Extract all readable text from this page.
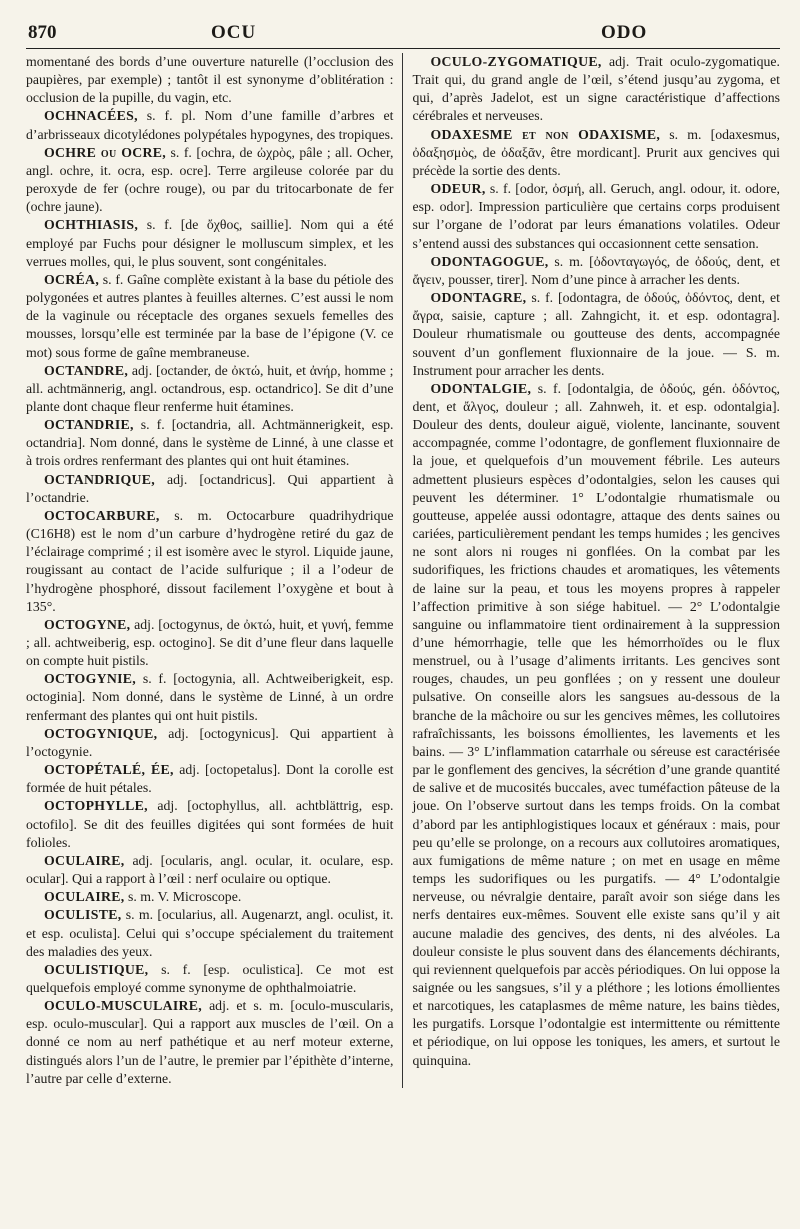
870	OCU	ODO

momentané des bords d’une ouverture naturelle (l’occlusion des paupières, par exemple) ; tantôt il est synonyme d’oblitération : occlusion de la pupille, du vagin, etc.

OCHNACÉES, s. f. pl. Nom d’une famille d’arbres et d’arbrisseaux dicotylédones polypétales hypogynes, des tropiques.

OCHRE ou OCRE, s. f. [ochra, de ὠχρὸς, pâle ; all. Ocher, angl. ochre, it. ocra, esp. ocre]. Terre argileuse colorée par du peroxyde de fer (ochre rouge), ou par du tritocarbonate de fer (ochre jaune).

OCHTHIASIS, s. f. [de ὄχθος, saillie]. Nom qui a été employé par Fuchs pour désigner le molluscum simplex, et les verrues molles, qui, le plus souvent, sont congénitales.

OCRÉA, s. f. Gaîne complète existant à la base du pétiole des polygonées et autres plantes à feuilles alternes. C’est aussi le nom de la vaginule ou réceptacle des organes sexuels femelles des mousses, lorsqu’elle est terminée par la base de l’épigone (V. ce mot) sous forme de gaîne membraneuse.

OCTANDRE, adj. [octander, de ὀκτώ, huit, et ἀνήρ, homme ; all. achtmännerig, angl. octandrous, esp. octandrico]. Se dit d’une plante dont chaque fleur renferme huit étamines.

OCTANDRIE, s. f. [octandria, all. Achtmännerigkeit, esp. octandria]. Nom donné, dans le système de Linné, à une classe et à trois ordres renfermant des plantes qui ont huit étamines.

OCTANDRIQUE, adj. [octandricus]. Qui appartient à l’octandrie.

OCTOCARBURE, s. m. Octocarbure quadrihydrique (C16H8) est le nom d’un carbure d’hydrogène retiré du gaz de l’éclairage comprimé ; il est isomère avec le styrol. Liquide jaune, rougissant au contact de l’acide sulfurique ; il a l’odeur de l’hydrogène phosphoré, dissout facilement l’oxygène et bout à 135°.

OCTOGYNE, adj. [octogynus, de ὀκτώ, huit, et γυνή, femme ; all. achtweiberig, esp. octogino]. Se dit d’une fleur dans laquelle on compte huit pistils.

OCTOGYNIE, s. f. [octogynia, all. Achtweiberigkeit, esp. octoginia]. Nom donné, dans le système de Linné, à un ordre renfermant des plantes qui ont huit pistils.

OCTOGYNIQUE, adj. [octogynicus]. Qui appartient à l’octogynie.

OCTOPÉTALÉ, ÉE, adj. [octopetalus]. Dont la corolle est formée de huit pétales.

OCTOPHYLLE, adj. [octophyllus, all. achtblättrig, esp. octofilo]. Se dit des feuilles digitées qui sont formées de huit folioles.

OCULAIRE, adj. [ocularis, angl. ocular, it. oculare, esp. ocular]. Qui a rapport à l’œil : nerf oculaire ou optique.

OCULAIRE, s. m. V. Microscope.

OCULISTE, s. m. [ocularius, all. Augenarzt, angl. oculist, it. et esp. oculista]. Celui qui s’occupe spécialement du traitement des maladies des yeux.

OCULISTIQUE, s. f. [esp. oculistica]. Ce mot est quelquefois employé comme synonyme de ophthalmoiatrie.

OCULO-MUSCULAIRE, adj. et s. m. [oculo-muscularis, esp. oculo-muscular]. Qui a rapport aux muscles de l’œil. On a donné ce nom au nerf pathétique et au nerf moteur externe, distingués alors l’un de l’autre, le premier par l’épithète d’interne, l’autre par celle d’externe.

OCULO-ZYGOMATIQUE, adj. Trait oculo-zygomatique. Trait qui, du grand angle de l’œil, s’étend jusqu’au zygoma, et qui, d’après Jadelot, est un signe caractéristique d’affections cérébrales et nerveuses.

ODAXESME et non ODAXISME, s. m. [odaxesmus, ὀδαξησμὸς, de ὀδαξᾶν, être mordicant]. Prurit aux gencives qui précède la sortie des dents.

ODEUR, s. f. [odor, ὀσμή, all. Geruch, angl. odour, it. odore, esp. odor]. Impression particulière que certains corps produisent sur l’organe de l’odorat par leurs émanations volatiles. Odeur s’entend aussi des substances qui occasionnent cette sensation.

ODONTAGOGUE, s. m. [ὀδονταγωγός, de ὀδούς, dent, et ἄγειν, pousser, tirer]. Nom d’une pince à arracher les dents.

ODONTAGRE, s. f. [odontagra, de ὀδούς, ὀδόντος, dent, et ἄγρα, saisie, capture ; all. Zahngicht, it. et esp. odontagra]. Douleur rhumatismale ou goutteuse des dents, accompagnée souvent d’un gonflement fluxionnaire de la joue. — S. m. Instrument pour arracher les dents.

ODONTALGIE, s. f. [odontalgia, de ὀδούς, gén. ὀδόντος, dent, et ἄλγος, douleur ; all. Zahnweh, it. et esp. odontalgia]. Douleur des dents, douleur aiguë, violente, lancinante, souvent accompagnée, comme l’odontagre, de gonflement fluxionnaire de la joue, et quelquefois d’un mouvement fébrile. Les auteurs admettent plusieurs espèces d’odontalgies, selon les causes qui peuvent les déterminer. 1° L’odontalgie rhumatismale ou goutteuse, appelée aussi odontagre, attaque des dents saines ou cariées, particulièrement pendant les temps humides ; les gencives ne sont alors ni rouges ni gonflées. On la combat par les sudorifiques, les frictions chaudes et aromatiques, les vêtements de laine sur la peau, et tous les moyens propres à rappeler l’affection primitive à son siége habituel. — 2° L’odontalgie sanguine ou inflammatoire tient ordinairement à la suppression d’une hémorrhagie, telle que les hémorrhoïdes ou le flux menstruel, ou à l’usage d’aliments irritants. Les gencives sont rouges, chaudes, un peu gonflées ; on y ressent une douleur pulsative. On conseille alors les sangsues au-dessous de la branche de la mâchoire ou sur les gencives mêmes, les collutoires rafraîchissants, les boissons émollientes, les lavements et les bains. — 3° L’inflammation catarrhale ou séreuse est caractérisée par le gonflement des gencives, la sécrétion d’une grande quantité de salive et de mucosités buccales, avec tuméfaction pâteuse de la joue. On l’observe surtout dans les temps froids. On la combat d’abord par les antiphlogistiques locaux et généraux : mais, pour peu qu’elle se prolonge, on a recours aux collutoires aromatiques, aux fumigations de même nature ; on met en usage en même temps les sudorifiques ou les purgatifs. — 4° L’odontalgie nerveuse, ou névralgie dentaire, paraît avoir son siége dans les nerfs dentaires eux-mêmes. Souvent elle existe sans qu’il y ait aucune maladie des gencives, des dents, ni des alvéoles. La douleur consiste le plus souvent dans des élancements déchirants, qui reviennent quelquefois par accès périodiques. On lui oppose la saignée ou les sangsues, s’il y a pléthore ; les lotions émollientes et narcotiques, les cataplasmes de même nature, les bains tièdes, les purgatifs. Lorsque l’odontalgie est intermittente ou rémittente et périodique, on lui oppose les toniques, les amers, et surtout le quinquina.
